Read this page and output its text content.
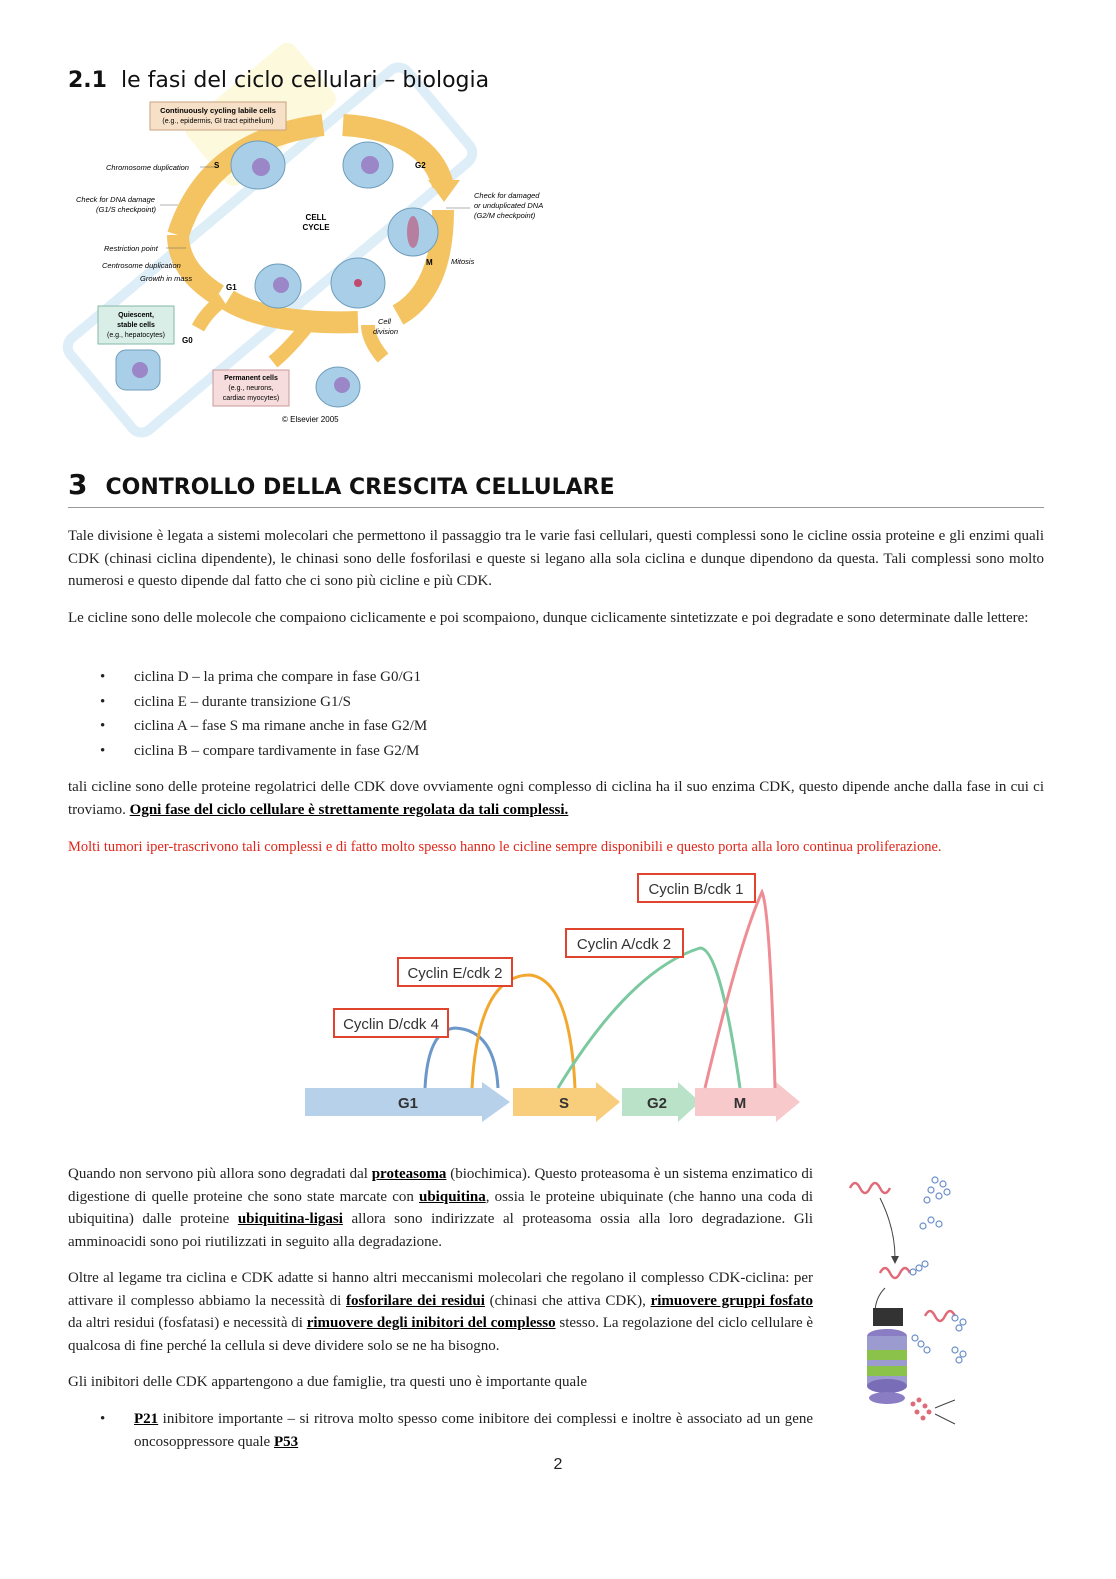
2.1 le fasi del ciclo cellulari – biologia
Continuously cycling labile cells
(e.g., epidermis, GI tract epithelium)
Quiescent,
stable cells
(e.g., hepatocytes)
Permanent cells
(e.g., neurons,
cardiac myocytes)
Chromosome duplication
Check for DNA damage
(G1/S checkpoint)
Restriction point
Centrosome duplication
Growth in mass
Check for damaged
or unduplicated DNA
(G2/M checkpoint)
CELL
CYCLE
Mitosis
Cell
division
S	G2
M
G1
G0
© Elsevier 2005
3 CONTROLLO DELLA CRESCITA CELLULARE
Tale divisione è legata a sistemi molecolari che permettono il passaggio tra le varie fasi cellulari, questi complessi sono le cicline ossia proteine e gli enzimi quali CDK (chinasi ciclina dipendente), le chinasi sono delle fosforilasi e queste si legano alla sola ciclina e dunque dipendono da questa. Tali complessi sono molto numerosi e questo dipende dal fatto che ci sono più cicline e più CDK.
Le cicline sono delle molecole che compaiono ciclicamente e poi scompaiono, dunque ciclicamente sintetizzate e poi degradate e sono determinate dalle lettere:
• ciclina D – la prima che compare in fase G0/G1
• ciclina E – durante transizione G1/S
• ciclina A – fase S ma rimane anche in fase G2/M
• ciclina B – compare tardivamente in fase G2/M
tali cicline sono delle proteine regolatrici delle CDK dove ovviamente ogni complesso di ciclina ha il suo enzima CDK, questo dipende anche dalla fase in cui ci troviamo. Ogni fase del ciclo cellulare è strettamente regolata da tali complessi.
Molti tumori iper-trascrivono tali complessi e di fatto molto spesso hanno le cicline sempre disponibili e questo porta alla loro continua proliferazione.
G1	S	G2	M
Cyclin D/cdk 4
Cyclin E/cdk 2
Cyclin A/cdk 2
Cyclin B/cdk 1
Quando non servono più allora sono degradati dal proteasoma (biochimica). Questo proteasoma è un sistema enzimatico di digestione di quelle proteine che sono state marcate con ubiquitina, ossia le proteine ubiquinate (che hanno una coda di ubiquitina) dalle proteine ubiquitina-ligasi allora sono indirizzate al proteasoma ossia alla loro degradazione. Gli amminoacidi sono poi riutilizzati in seguito alla degradazione.
Oltre al legame tra ciclina e CDK adatte si hanno altri meccanismi molecolari che regolano il complesso CDK-ciclina: per attivare il complesso abbiamo la necessità di fosforilare dei residui (chinasi che attiva CDK), rimuovere gruppi fosfato da altri residui (fosfatasi) e necessità di rimuovere degli inibitori del complesso stesso. La regolazione del ciclo cellulare è qualcosa di fine perché la cellula si deve dividere solo se ne ha bisogno.
Gli inibitori delle CDK appartengono a due famiglie, tra questi uno è importante quale
• P21 inibitore importante – si ritrova molto spesso come inibitore dei complessi e inoltre è associato ad un gene oncosoppressore quale P53
2
